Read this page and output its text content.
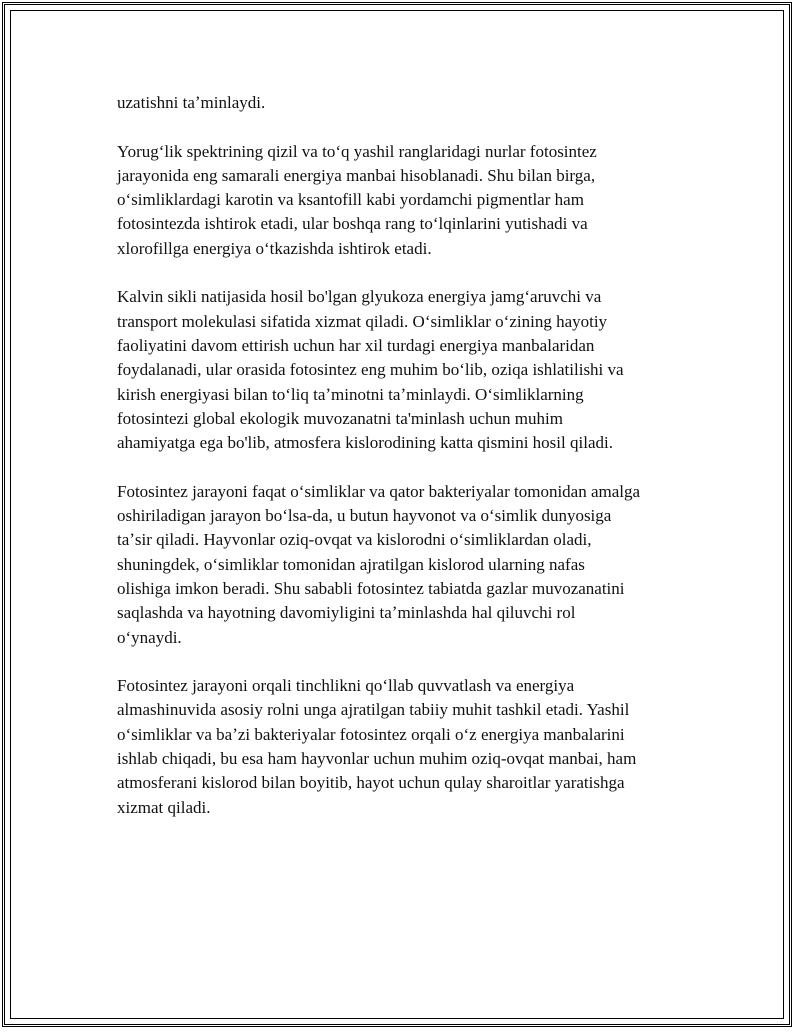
uzatishni taʼminlaydi.

Yorugʻlik spektrining qizil va toʻq yashil ranglaridagi nurlar fotosintez
jarayonida eng samarali energiya manbai hisoblanadi. Shu bilan birga,
oʻsimliklardagi karotin va ksantofill kabi yordamchi pigmentlar ham
fotosintezda ishtirok etadi, ular boshqa rang toʻlqinlarini yutishadi va
xlorofillga energiya oʻtkazishda ishtirok etadi.

Kalvin sikli natijasida hosil bo'lgan glyukoza energiya jamgʻaruvchi va
transport molekulasi sifatida xizmat qiladi. Oʻsimliklar oʻzining hayotiy
faoliyatini davom ettirish uchun har xil turdagi energiya manbalaridan
foydalanadi, ular orasida fotosintez eng muhim boʻlib, oziqa ishlatilishi va
kirish energiyasi bilan toʻliq taʼminotni taʼminlaydi. Oʻsimliklarning
fotosintezi global ekologik muvozanatni ta'minlash uchun muhim
ahamiyatga ega bo'lib, atmosfera kislorodining katta qismini hosil qiladi.

Fotosintez jarayoni faqat oʻsimliklar va qator bakteriyalar tomonidan amalga
oshiriladigan jarayon boʻlsa-da, u butun hayvonot va oʻsimlik dunyosiga
taʼsir qiladi. Hayvonlar oziq-ovqat va kislorodni oʻsimliklardan oladi,
shuningdek, oʻsimliklar tomonidan ajratilgan kislorod ularning nafas
olishiga imkon beradi. Shu sababli fotosintez tabiatda gazlar muvozanatini
saqlashda va hayotning davomiyligini taʼminlashda hal qiluvchi rol
oʻynaydi.

Fotosintez jarayoni orqali tinchlikni qoʻllab quvvatlash va energiya
almashinuvida asosiy rolni unga ajratilgan tabiiy muhit tashkil etadi. Yashil
oʻsimliklar va baʼzi bakteriyalar fotosintez orqali oʻz energiya manbalarini
ishlab chiqadi, bu esa ham hayvonlar uchun muhim oziq-ovqat manbai, ham
atmosferani kislorod bilan boyitib, hayot uchun qulay sharoitlar yaratishga
xizmat qiladi.
